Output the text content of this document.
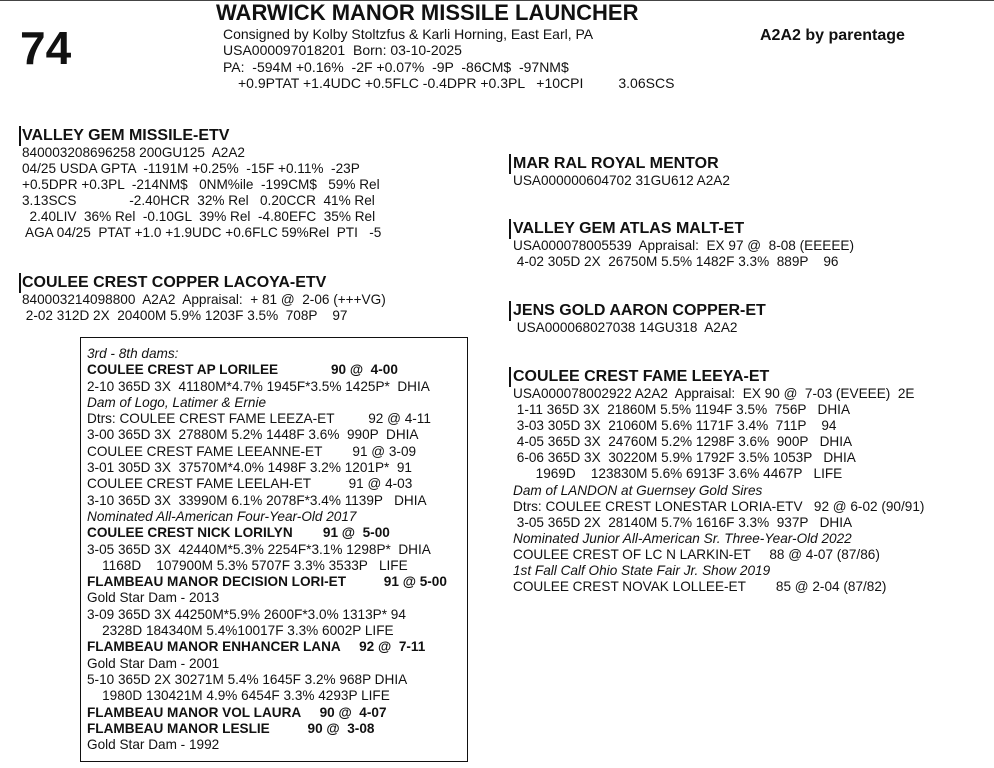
74
WARWICK MANOR MISSILE LAUNCHER
Consigned by Kolby Stoltzfus & Karli Horning, East Earl, PA
USA000097018201  Born: 03-10-2025
PA:  -594M +0.16%  -2F +0.07%  -9P  -86CM$  -97NM$
+0.9PTAT +1.4UDC +0.5FLC -0.4DPR +0.3PL   +10CPI         3.06SCS
A2A2 by parentage
VALLEY GEM MISSILE-ETV
840003208696258 200GU125  A2A2
04/25 USDA GPTA  -1191M +0.25%  -15F +0.11%  -23P
+0.5DPR +0.3PL  -214NM$   0NM%ile  -199CM$   59% Rel
3.13SCS              -2.40HCR  32% Rel   0.20CCR  41% Rel
2.40LIV  36% Rel  -0.10GL  39% Rel  -4.80EFC  35% Rel
AGA 04/25  PTAT +1.0 +1.9UDC +0.6FLC 59%Rel  PTI   -5
COULEE CREST COPPER LACOYA-ETV
840003214098800  A2A2  Appraisal:  + 81 @  2-06 (+++VG)
2-02 312D 2X  20400M 5.9% 1203F 3.5%  708P    97
MAR RAL ROYAL MENTOR
USA000000604702 31GU612 A2A2
VALLEY GEM ATLAS MALT-ET
USA000078005539  Appraisal:  EX 97 @  8-08 (EEEEE)
4-02 305D 2X  26750M 5.5% 1482F 3.3%  889P    96
JENS GOLD AARON COPPER-ET
USA000068027038 14GU318  A2A2
COULEE CREST FAME LEEYA-ET
USA000078002922 A2A2  Appraisal:  EX 90 @  7-03 (EVEEE)  2E
1-11 365D 3X  21860M 5.5% 1194F 3.5%  756P   DHIA
3-03 305D 3X  21060M 5.6% 1171F 3.4%  711P    94
4-05 365D 3X  24760M 5.2% 1298F 3.6%  900P   DHIA
6-06 365D 3X  30220M 5.9% 1792F 3.5% 1053P   DHIA
1969D    123830M 5.6% 6913F 3.6% 4467P   LIFE
Dam of LANDON at Guernsey Gold Sires
Dtrs: COULEE CREST LONESTAR LORIA-ETV   92 @ 6-02 (90/91)
3-05 365D 2X  28140M 5.7% 1616F 3.3%  937P   DHIA
Nominated Junior All-American Sr. Three-Year-Old 2022
COULEE CREST OF LC N LARKIN-ET     88 @ 4-07 (87/86)
1st Fall Calf Ohio State Fair Jr. Show 2019
COULEE CREST NOVAK LOLLEE-ET        85 @ 2-04 (87/82)
3rd - 8th dams:
COULEE CREST AP LORILEE              90 @  4-00
2-10 365D 3X  41180M*4.7% 1945F*3.5% 1425P*  DHIA
Dam of Logo, Latimer & Ernie
Dtrs: COULEE CREST FAME LEEZA-ET         92 @ 4-11
3-00 365D 3X  27880M 5.2% 1448F 3.6%  990P  DHIA
COULEE CREST FAME LEEANNE-ET        91 @ 3-09
3-01 305D 3X  37570M*4.0% 1498F 3.2% 1201P*  91
COULEE CREST FAME LEELAH-ET          91 @ 4-03
3-10 365D 3X  33990M 6.1% 2078F*3.4% 1139P   DHIA
Nominated All-American Four-Year-Old 2017
COULEE CREST NICK LORILYN        91 @  5-00
3-05 365D 3X  42440M*5.3% 2254F*3.1% 1298P*  DHIA
1168D    107900M 5.3% 5707F 3.3% 3533P   LIFE
FLAMBEAU MANOR DECISION LORI-ET          91 @ 5-00
Gold Star Dam - 2013
3-09 365D 3X 44250M*5.9% 2600F*3.0% 1313P* 94
2328D 184340M 5.4%10017F 3.3% 6002P LIFE
FLAMBEAU MANOR ENHANCER LANA     92 @  7-11
Gold Star Dam - 2001
5-10 365D 2X 30271M 5.4% 1645F 3.2% 968P DHIA
1980D 130421M 4.9% 6454F 3.3% 4293P LIFE
FLAMBEAU MANOR VOL LAURA     90 @  4-07
FLAMBEAU MANOR LESLIE          90 @  3-08
Gold Star Dam - 1992
